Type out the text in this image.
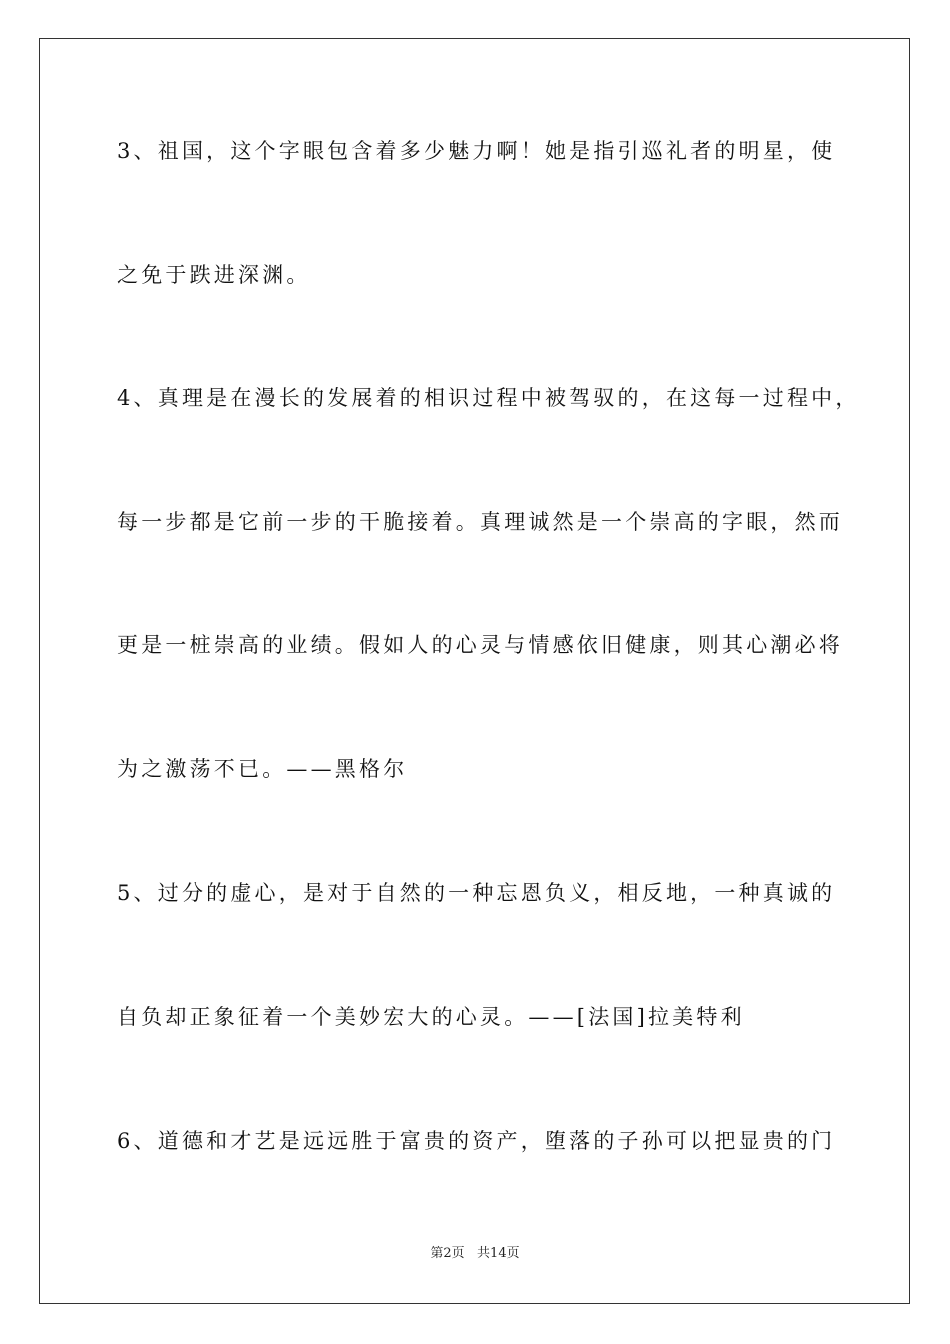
3、祖国，这个字眼包含着多少魅力啊！她是指引巡礼者的明星，使
之免于跌进深渊。
4、真理是在漫长的发展着的相识过程中被驾驭的，在这每一过程中，
每一步都是它前一步的干脆接着。真理诚然是一个崇高的字眼，然而
更是一桩崇高的业绩。假如人的心灵与情感依旧健康，则其心潮必将
为之激荡不已。——黑格尔
5、过分的虚心，是对于自然的一种忘恩负义，相反地，一种真诚的
自负却正象征着一个美妙宏大的心灵。——[法国]拉美特利
6、道德和才艺是远远胜于富贵的资产，堕落的子孙可以把显贵的门
第2页   共14页
